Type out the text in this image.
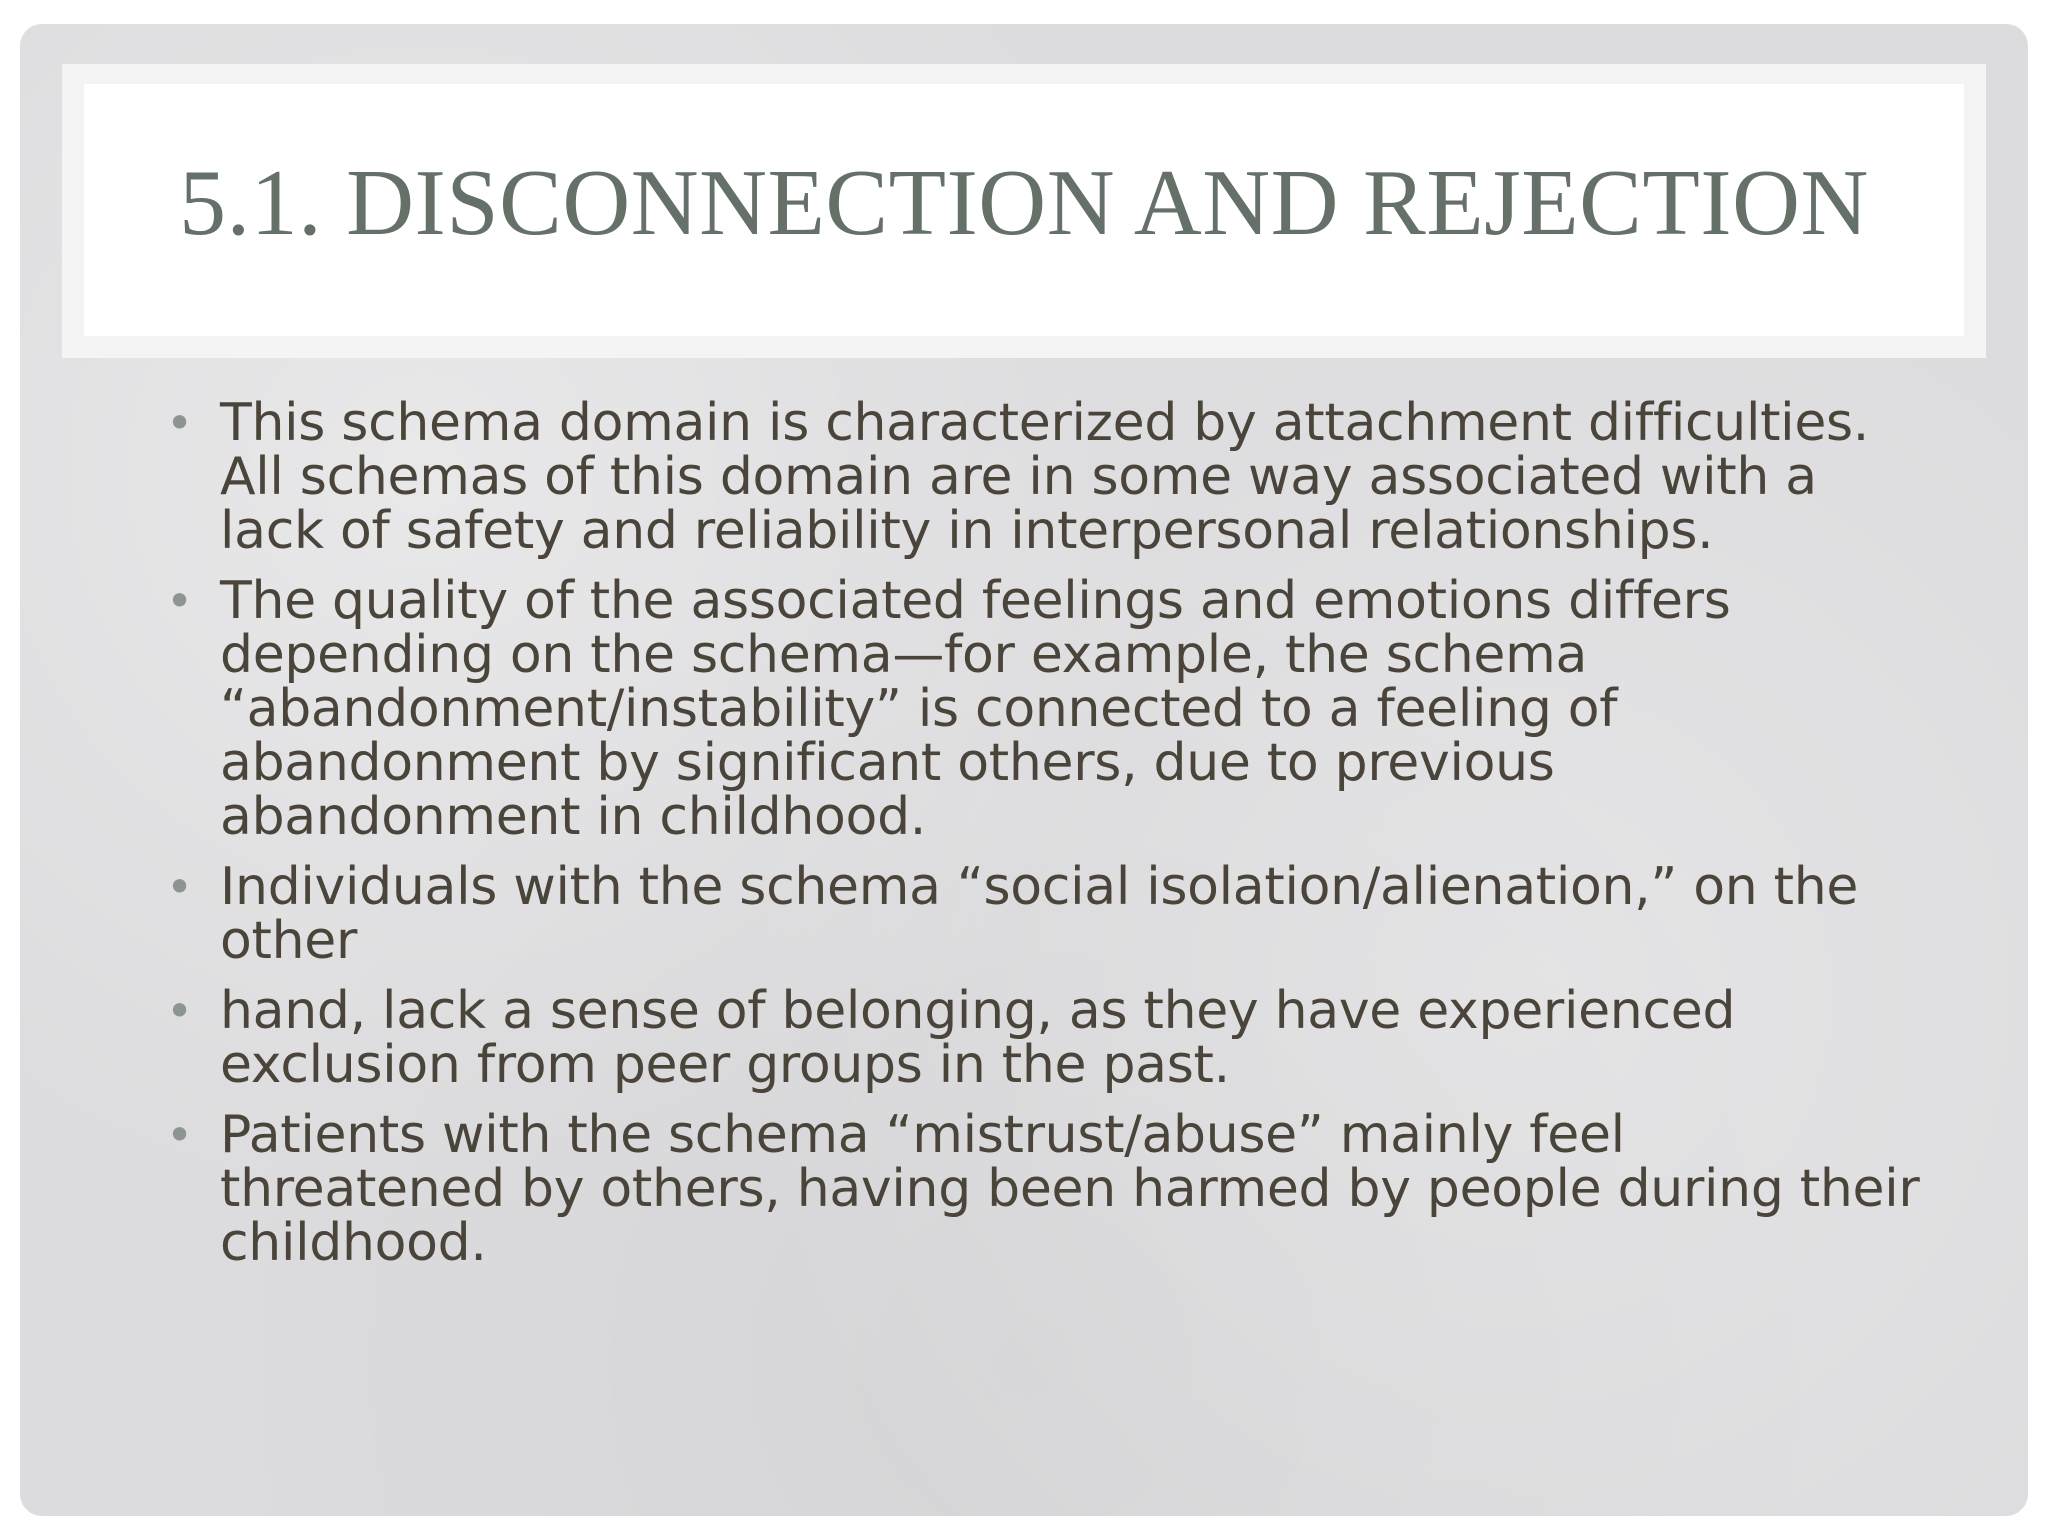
5.1. DISCONNECTION AND REJECTION
• This schema domain is characterized by attachment difficulties. All schemas of this domain are in some way associated with a lack of safety and reliability in interpersonal relationships.
• The quality of the associated feelings and emotions differs depending on the schema—for example, the schema “abandonment/instability” is connected to a feeling of abandonment by significant others, due to previous abandonment in childhood.
• Individuals with the schema “social isolation/alienation,” on the other
• hand, lack a sense of belonging, as they have experienced exclusion from peer groups in the past.
• Patients with the schema “mistrust/abuse” mainly feel threatened by others, having been harmed by people during their childhood.
